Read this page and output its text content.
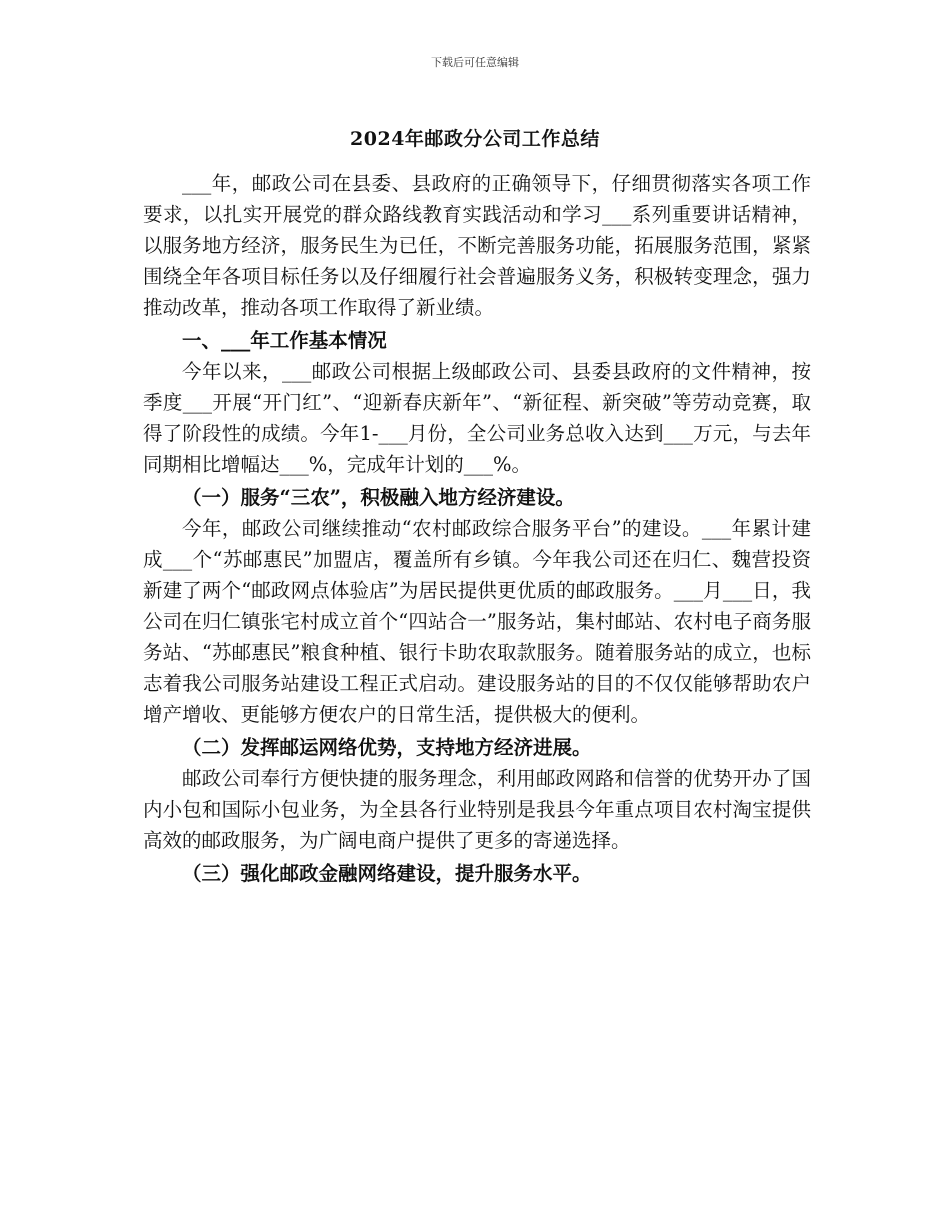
下载后可任意编辑
2024年邮政分公司工作总结

___年，邮政公司在县委、县政府的正确领导下，仔细贯彻落实各项工作要求，以扎实开展党的群众路线教育实践活动和学习___系列重要讲话精神，以服务地方经济，服务民生为已任，不断完善服务功能，拓展服务范围，紧紧围绕全年各项目标任务以及仔细履行社会普遍服务义务，积极转变理念，强力推动改革，推动各项工作取得了新业绩。

一、___年工作基本情况

今年以来，___邮政公司根据上级邮政公司、县委县政府的文件精神，按季度___开展“开门红”、“迎新春庆新年”、“新征程、新突破”等劳动竞赛，取得了阶段性的成绩。今年1-___月份，全公司业务总收入达到___万元，与去年同期相比增幅达___%，完成年计划的___%。

（一）服务“三农”，积极融入地方经济建设。

今年，邮政公司继续推动“农村邮政综合服务平台”的建设。___年累计建成___个“苏邮惠民”加盟店，覆盖所有乡镇。今年我公司还在归仁、魏营投资新建了两个“邮政网点体验店”为居民提供更优质的邮政服务。___月___日，我公司在归仁镇张宅村成立首个“四站合一”服务站，集村邮站、农村电子商务服务站、“苏邮惠民”粮食种植、银行卡助农取款服务。随着服务站的成立，也标志着我公司服务站建设工程正式启动。建设服务站的目的不仅仅能够帮助农户增产增收、更能够方便农户的日常生活，提供极大的便利。

（二）发挥邮运网络优势，支持地方经济进展。

邮政公司奉行方便快捷的服务理念，利用邮政网路和信誉的优势开办了国内小包和国际小包业务，为全县各行业特别是我县今年重点项目农村淘宝提供高效的邮政服务，为广阔电商户提供了更多的寄递选择。

（三）强化邮政金融网络建设，提升服务水平。
